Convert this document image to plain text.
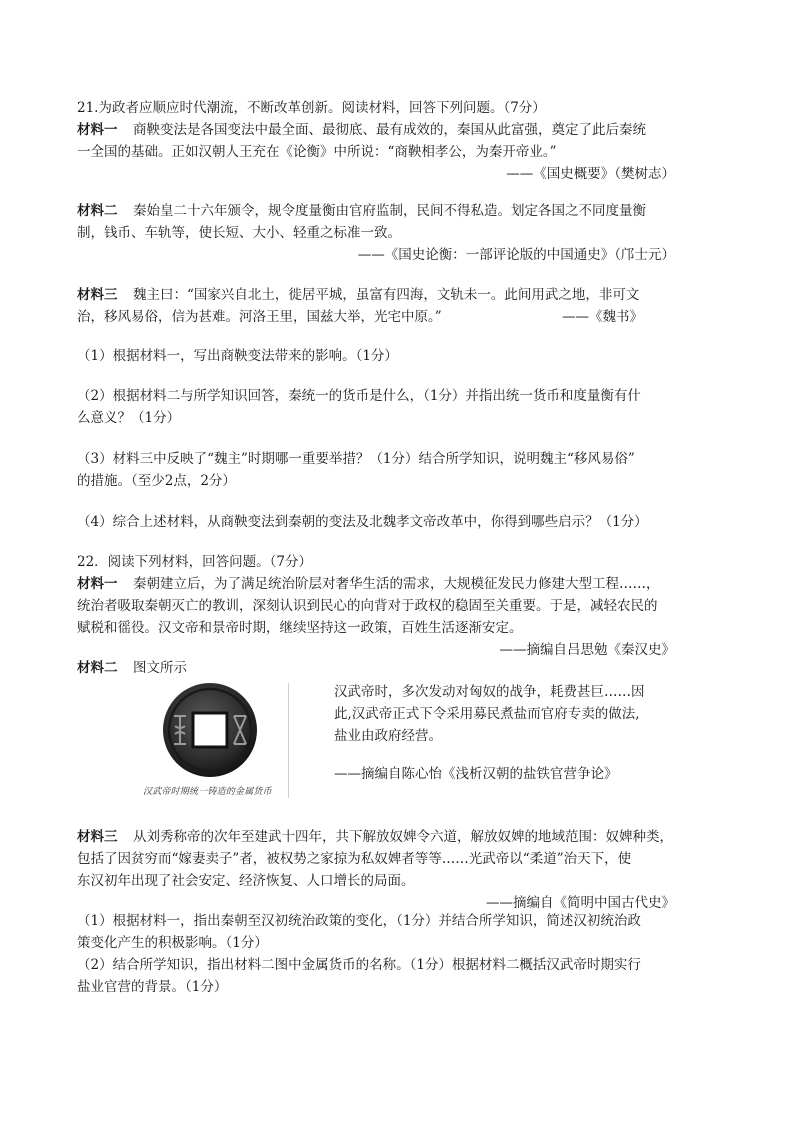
21.为政者应顺应时代潮流，不断改革创新。阅读材料，回答下列问题。（7分）
材料一 商鞅变法是各国变法中最全面、最彻底、最有成效的，秦国从此富强，奠定了此后秦统
一全国的基础。正如汉朝人王充在《论衡》中所说：“商鞅相孝公，为秦开帝业。”
——《国史概要》（樊树志）
材料二 秦始皇二十六年颁令，规令度量衡由官府监制，民间不得私造。划定各国之不同度量衡
制，钱币、车轨等，使长短、大小、轻重之标准一致。
——《国史论衡：一部评论版的中国通史》（邝士元）
材料三 魏主曰：“国家兴自北土，徙居平城，虽富有四海，文轨未一。此间用武之地，非可文
治，移风易俗，信为甚难。河洛王里，国兹大举，光宅中原。”	——《魏书》
（1）根据材料一，写出商鞅变法带来的影响。（1分）
（2）根据材料二与所学知识回答，秦统一的货币是什么，（1分）并指出统一货币和度量衡有什
么意义？（1分）
（3）材料三中反映了“魏主”时期哪一重要举措？（1分）结合所学知识，说明魏主“移风易俗”
的措施。（至少2点，2分）
（4）综合上述材料，从商鞅变法到秦朝的变法及北魏孝文帝改革中，你得到哪些启示？（1分）
22．阅读下列材料，回答问题。（7分）
材料一 秦朝建立后，为了满足统治阶层对奢华生活的需求，大规模征发民力修建大型工程……，
统治者吸取秦朝灭亡的教训，深刻认识到民心的向背对于政权的稳固至关重要。于是，减轻农民的
赋税和徭役。汉文帝和景帝时期，继续坚持这一政策，百姓生活逐渐安定。
——摘编自吕思勉《秦汉史》
材料二 图文所示
汉武帝时期统一铸造的金属货币
汉武帝时，多次发动对匈奴的战争，耗费甚巨……因
此,汉武帝正式下令采用募民煮盐而官府专卖的做法,
盐业由政府经营。
——摘编自陈心怡《浅析汉朝的盐铁官营争论》
材料三 从刘秀称帝的次年至建武十四年，共下解放奴婢令六道，解放奴婢的地域范围：奴婢种类，
包括了因贫穷而“嫁妻卖子”者，被权势之家掠为私奴婢者等等……光武帝以“柔道”治天下，使
东汉初年出现了社会安定、经济恢复、人口增长的局面。
——摘编自《简明中国古代史》
（1）根据材料一，指出秦朝至汉初统治政策的变化，（1分）并结合所学知识，简述汉初统治政
策变化产生的积极影响。（1分）
（2）结合所学知识，指出材料二图中金属货币的名称。（1分）根据材料二概括汉武帝时期实行
盐业官营的背景。（1分）
